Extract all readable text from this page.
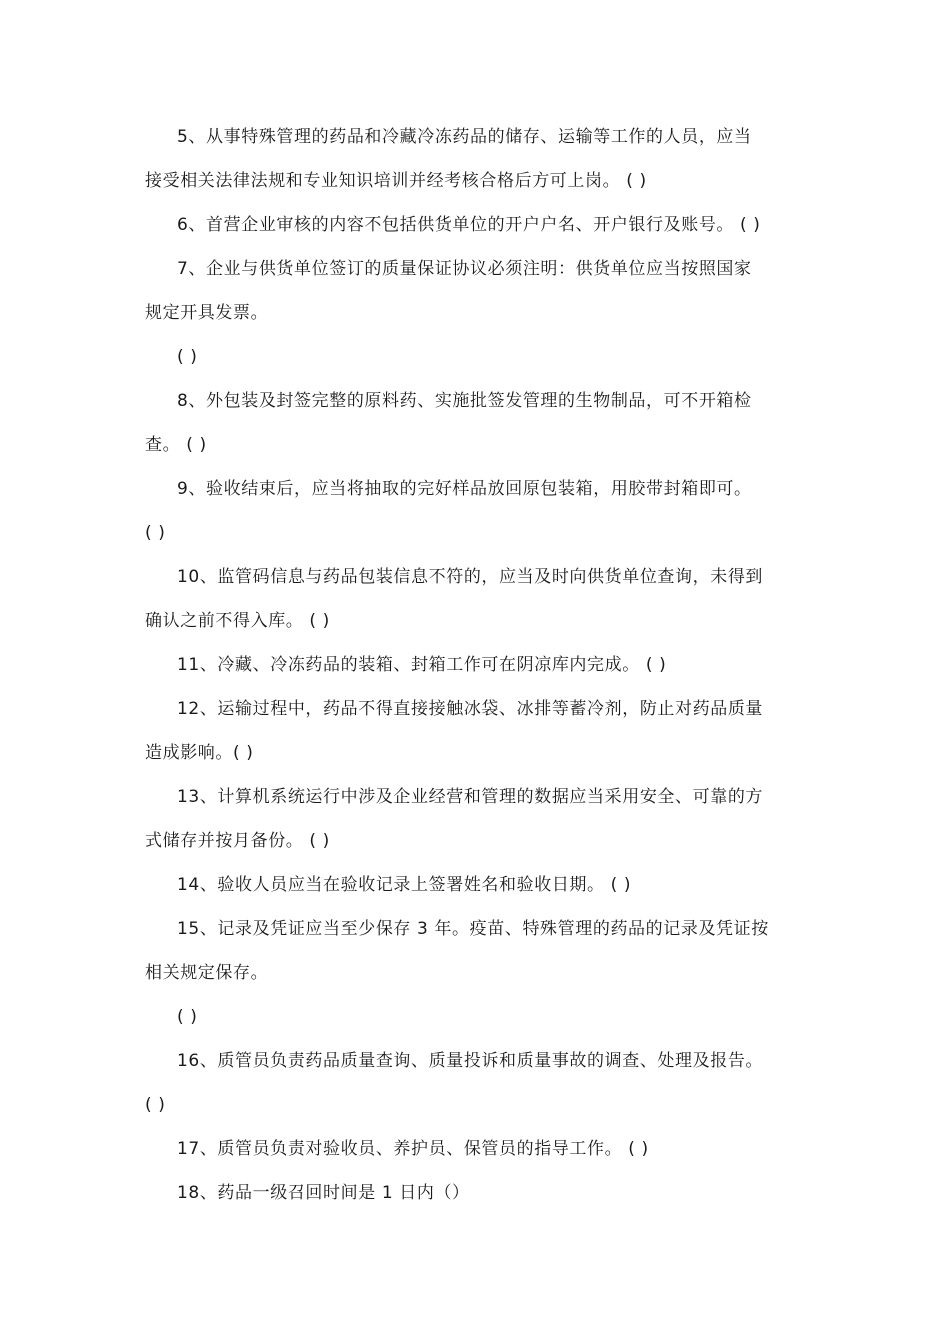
5、从事特殊管理的药品和冷藏冷冻药品的储存、运输等工作的人员，应当
接受相关法律法规和专业知识培训并经考核合格后方可上岗。 ( )
6、首营企业审核的内容不包括供货单位的开户户名、开户银行及账号。 ( )
7、企业与供货单位签订的质量保证协议必须注明：供货单位应当按照国家
规定开具发票。
( )
8、外包装及封签完整的原料药、实施批签发管理的生物制品，可不开箱检
查。 ( )
9、验收结束后，应当将抽取的完好样品放回原包装箱，用胶带封箱即可。
( )
10、监管码信息与药品包装信息不符的，应当及时向供货单位查询，未得到
确认之前不得入库。 ( )
11、冷藏、冷冻药品的装箱、封箱工作可在阴凉库内完成。 ( )
12、运输过程中，药品不得直接接触冰袋、冰排等蓄冷剂，防止对药品质量
造成影响。( )
13、计算机系统运行中涉及企业经营和管理的数据应当采用安全、可靠的方
式储存并按月备份。 ( )
14、验收人员应当在验收记录上签署姓名和验收日期。 ( )
15、记录及凭证应当至少保存 3 年。疫苗、特殊管理的药品的记录及凭证按
相关规定保存。
( )
16、质管员负责药品质量查询、质量投诉和质量事故的调查、处理及报告。
( )
17、质管员负责对验收员、养护员、保管员的指导工作。 ( )
18、药品一级召回时间是 1 日内（）
